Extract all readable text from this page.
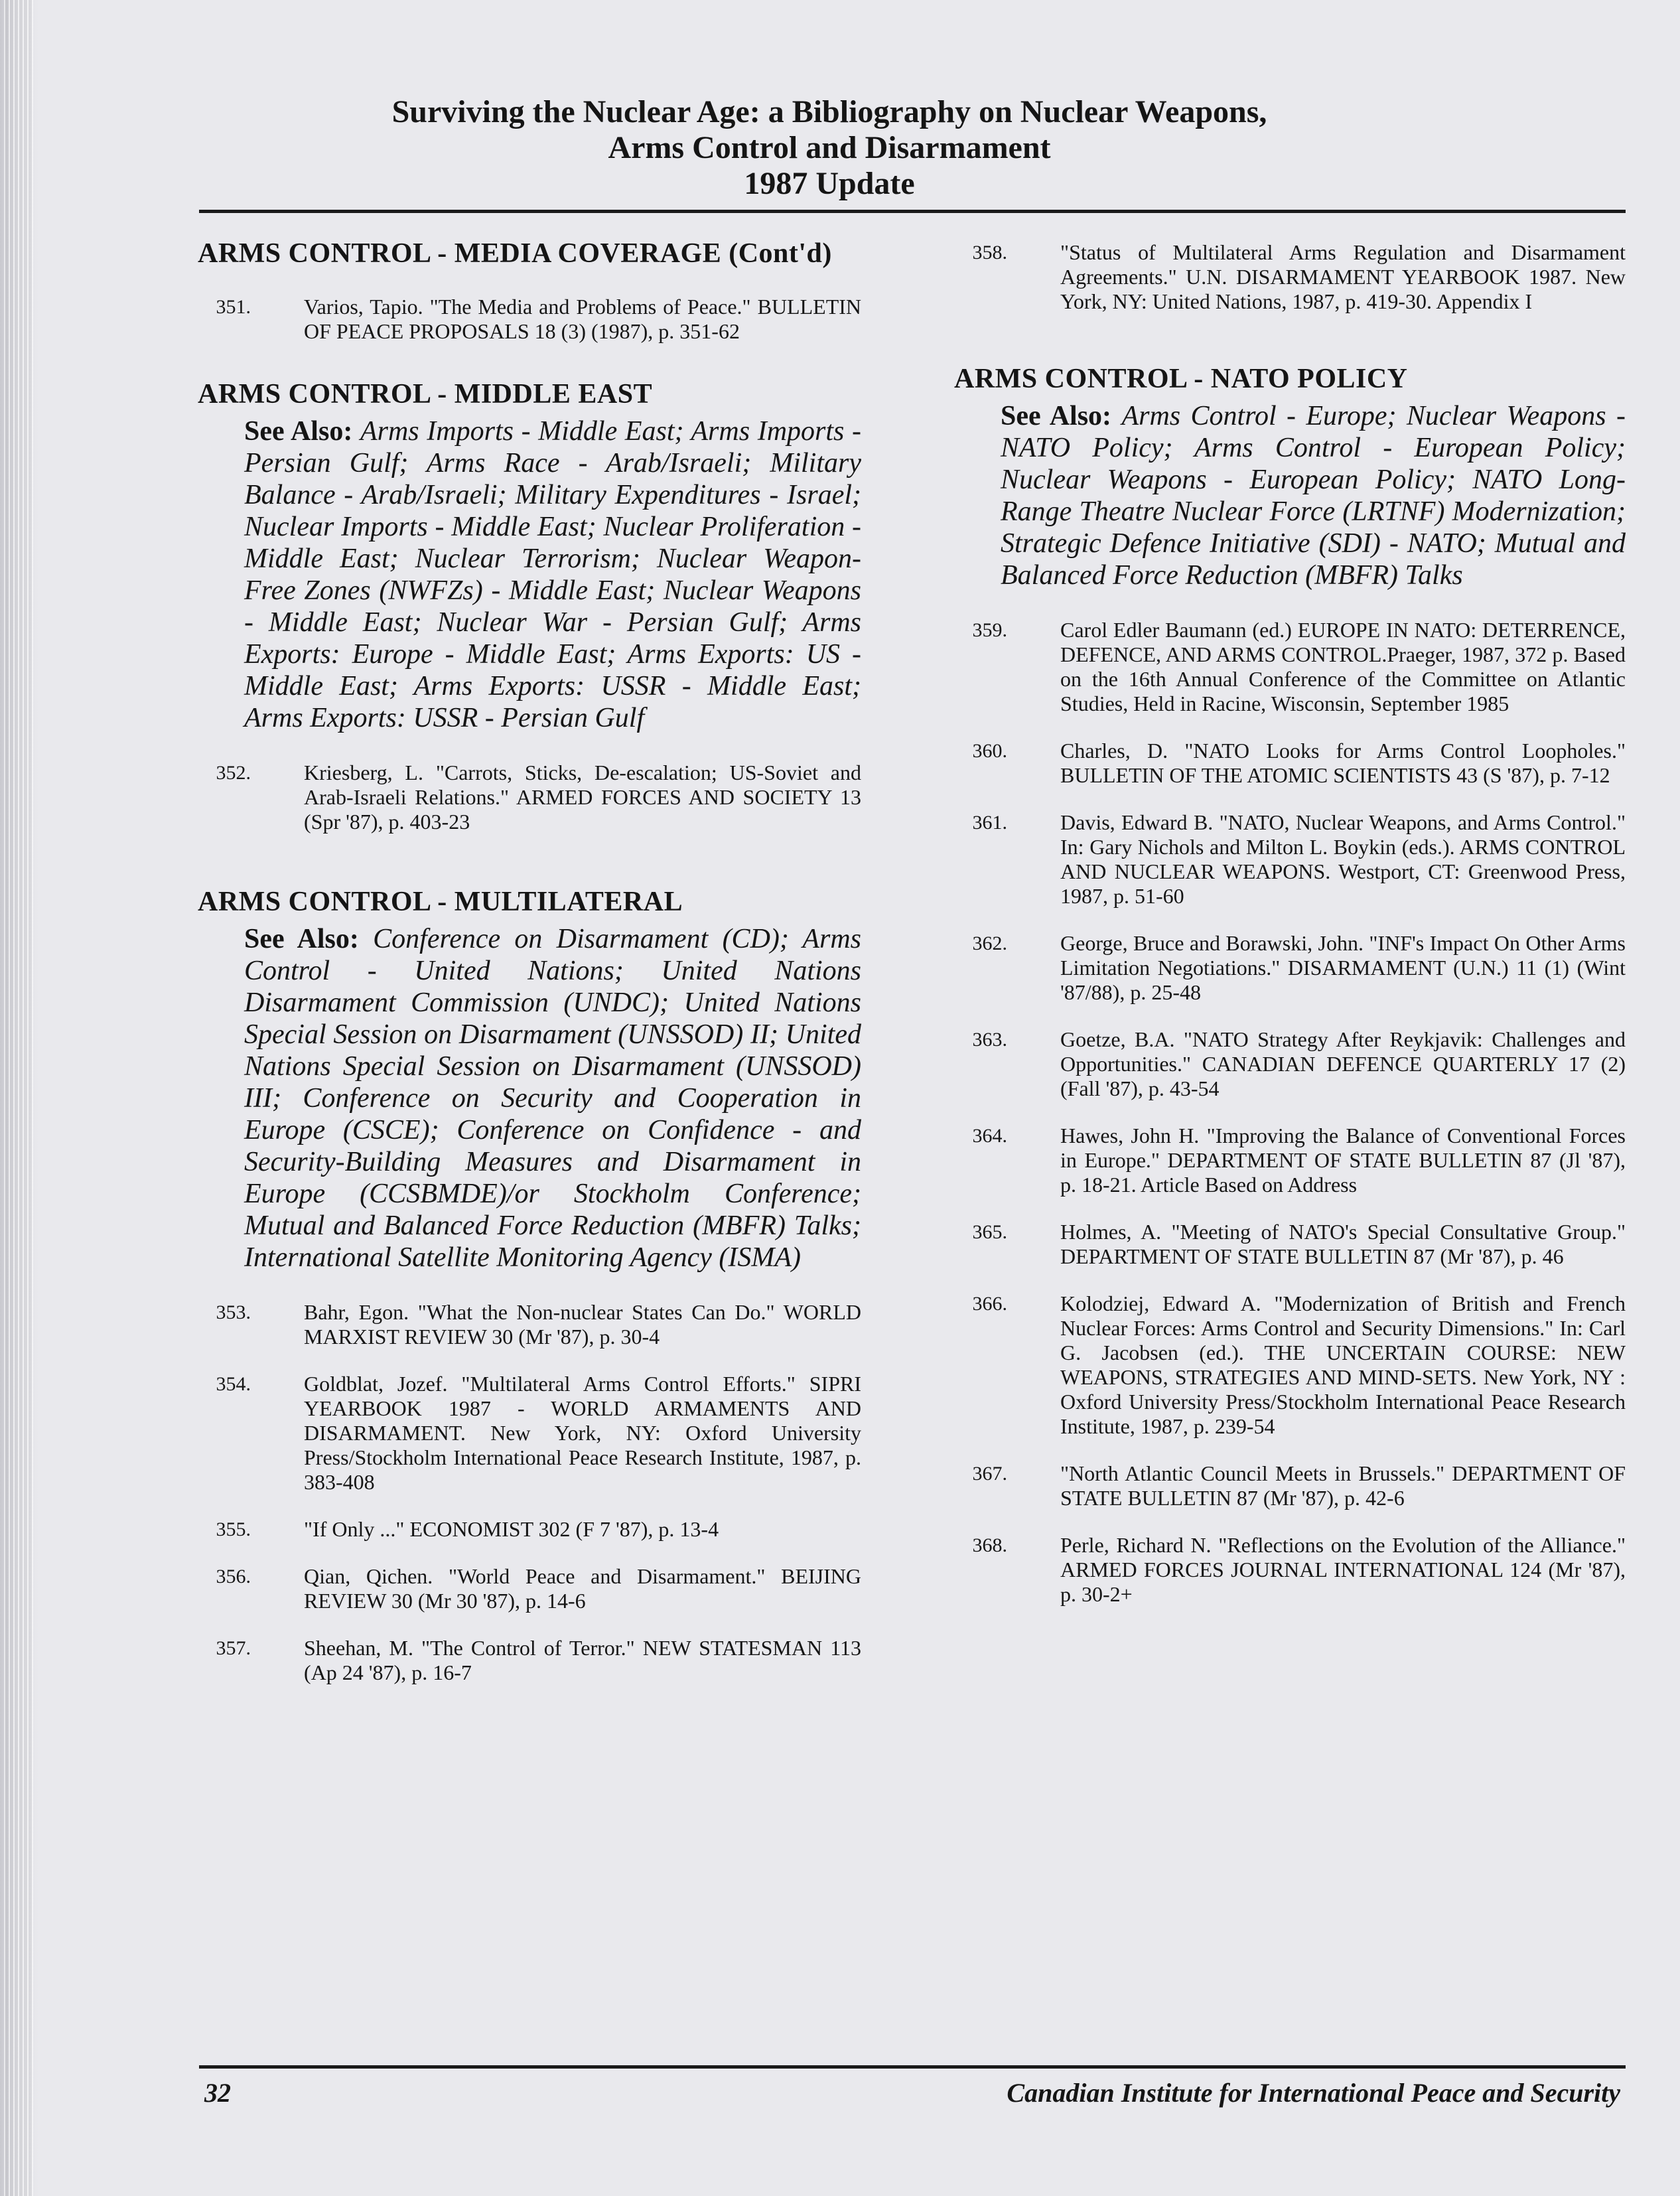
Surviving the Nuclear Age: a Bibliography on Nuclear Weapons,
Arms Control and Disarmament
1987 Update
ARMS CONTROL - MEDIA COVERAGE (Cont'd)
351.	Varios, Tapio. "The Media and Problems of Peace." BULLETIN OF PEACE PROPOSALS 18 (3) (1987), p. 351-62
ARMS CONTROL - MIDDLE EAST
See Also: Arms Imports - Middle East; Arms Imports - Persian Gulf; Arms Race - Arab/Israeli; Military Balance - Arab/Israeli; Military Expenditures - Israel; Nuclear Imports - Middle East; Nuclear Proliferation - Middle East; Nuclear Terrorism; Nuclear Weapon-Free Zones (NWFZs) - Middle East; Nuclear Weapons - Middle East; Nuclear War - Persian Gulf; Arms Exports: Europe - Middle East; Arms Exports: US - Middle East; Arms Exports: USSR - Middle East; Arms Exports: USSR - Persian Gulf
352.	Kriesberg, L. "Carrots, Sticks, De-escalation; US-Soviet and Arab-Israeli Relations." ARMED FORCES AND SOCIETY 13 (Spr '87), p. 403-23
ARMS CONTROL - MULTILATERAL
See Also: Conference on Disarmament (CD); Arms Control - United Nations; United Nations Disarmament Commission (UNDC); United Nations Special Session on Disarmament (UNSSOD) II; United Nations Special Session on Disarmament (UNSSOD) III; Conference on Security and Cooperation in Europe (CSCE); Conference on Confidence - and Security-Building Measures and Disarmament in Europe (CCSBMDE)/or Stockholm Conference; Mutual and Balanced Force Reduction (MBFR) Talks; International Satellite Monitoring Agency (ISMA)
353.	Bahr, Egon. "What the Non-nuclear States Can Do." WORLD MARXIST REVIEW 30 (Mr '87), p. 30-4
354.	Goldblat, Jozef. "Multilateral Arms Control Efforts." SIPRI YEARBOOK 1987 - WORLD ARMAMENTS AND DISARMAMENT. New York, NY: Oxford University Press/Stockholm International Peace Research Institute, 1987, p. 383-408
355.	"If Only ..." ECONOMIST 302 (F 7 '87), p. 13-4
356.	Qian, Qichen. "World Peace and Disarmament." BEIJING REVIEW 30 (Mr 30 '87), p. 14-6
357.	Sheehan, M. "The Control of Terror." NEW STATESMAN 113 (Ap 24 '87), p. 16-7
358.	"Status of Multilateral Arms Regulation and Disarmament Agreements." U.N. DISARMAMENT YEARBOOK 1987. New York, NY: United Nations, 1987, p. 419-30. Appendix I
ARMS CONTROL - NATO POLICY
See Also: Arms Control - Europe; Nuclear Weapons - NATO Policy; Arms Control - European Policy; Nuclear Weapons - European Policy; NATO Long-Range Theatre Nuclear Force (LRTNF) Modernization; Strategic Defence Initiative (SDI) - NATO; Mutual and Balanced Force Reduction (MBFR) Talks
359.	Carol Edler Baumann (ed.) EUROPE IN NATO: DETERRENCE, DEFENCE, AND ARMS CONTROL.Praeger, 1987, 372 p. Based on the 16th Annual Conference of the Committee on Atlantic Studies, Held in Racine, Wisconsin, September 1985
360.	Charles, D. "NATO Looks for Arms Control Loopholes." BULLETIN OF THE ATOMIC SCIENTISTS 43 (S '87), p. 7-12
361.	Davis, Edward B. "NATO, Nuclear Weapons, and Arms Control." In: Gary Nichols and Milton L. Boykin (eds.). ARMS CONTROL AND NUCLEAR WEAPONS. Westport, CT: Greenwood Press, 1987, p. 51-60
362.	George, Bruce and Borawski, John. "INF's Impact On Other Arms Limitation Negotiations." DISARMAMENT (U.N.) 11 (1) (Wint '87/88), p. 25-48
363.	Goetze, B.A. "NATO Strategy After Reykjavik: Challenges and Opportunities." CANADIAN DEFENCE QUARTERLY 17 (2) (Fall '87), p. 43-54
364.	Hawes, John H. "Improving the Balance of Conventional Forces in Europe." DEPARTMENT OF STATE BULLETIN 87 (Jl '87), p. 18-21. Article Based on Address
365.	Holmes, A. "Meeting of NATO's Special Consultative Group." DEPARTMENT OF STATE BULLETIN 87 (Mr '87), p. 46
366.	Kolodziej, Edward A. "Modernization of British and French Nuclear Forces: Arms Control and Security Dimensions." In: Carl G. Jacobsen (ed.). THE UNCERTAIN COURSE: NEW WEAPONS, STRATEGIES AND MIND-SETS. New York, NY : Oxford University Press/Stockholm International Peace Research Institute, 1987, p. 239-54
367.	"North Atlantic Council Meets in Brussels." DEPARTMENT OF STATE BULLETIN 87 (Mr '87), p. 42-6
368.	Perle, Richard N. "Reflections on the Evolution of the Alliance." ARMED FORCES JOURNAL INTERNATIONAL 124 (Mr '87), p. 30-2+
32	Canadian Institute for International Peace and Security
